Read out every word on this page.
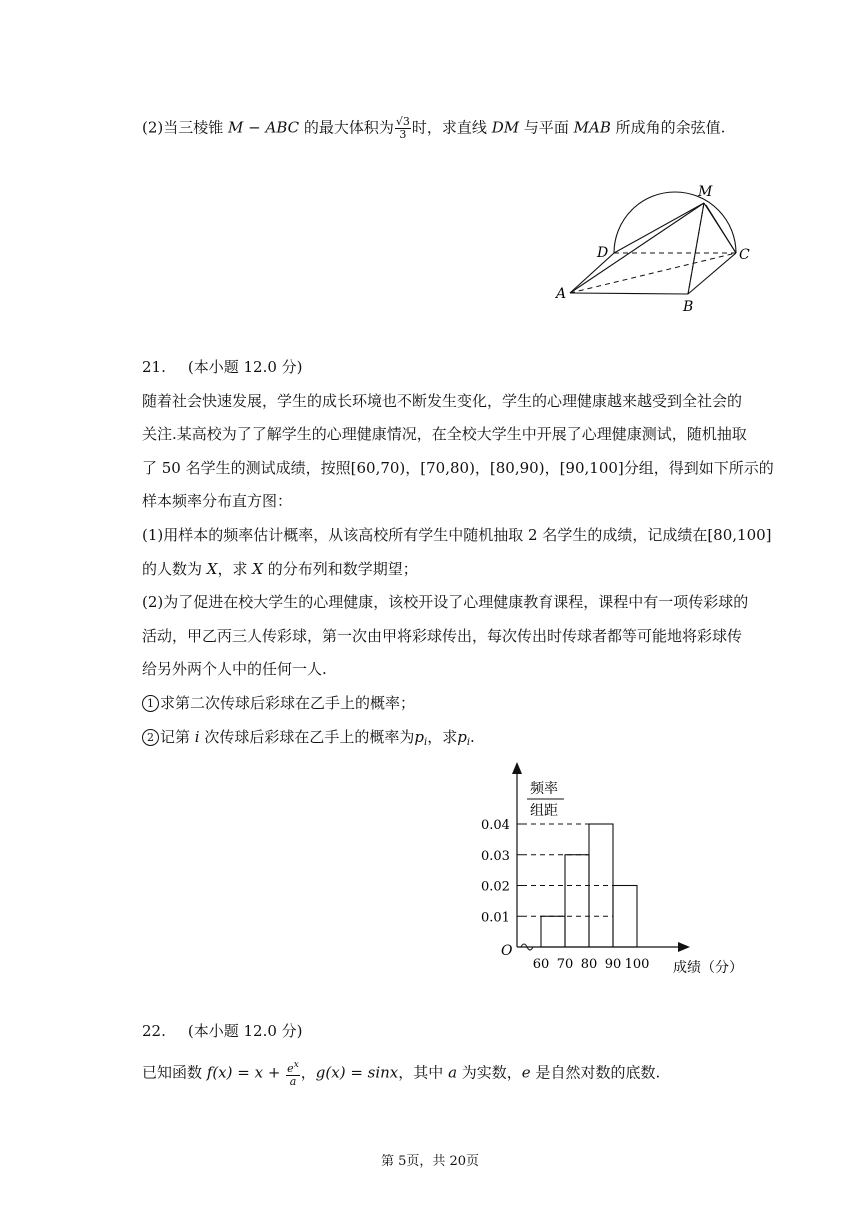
(2)当三棱锥 M − ABC 的最大体积为 $\frac{√3}{3}$ 时，求直线 DM 与平面 MAB 所成角的余弦值.
M
D	C
A
B
21. (本小题 12.0 分)
随着社会快速发展，学生的成长环境也不断发生变化，学生的心理健康越来越受到全社会的
关注.某高校为了了解学生的心理健康情况，在全校大学生中开展了心理健康测试，随机抽取
了 50 名学生的测试成绩，按照[60,70)，[70,80)，[80,90)，[90,100]分组，得到如下所示的
样本频率分布直方图：
(1)用样本的频率估计概率，从该高校所有学生中随机抽取 2 名学生的成绩，记成绩在[80,100]
的人数为 X，求 X 的分布列和数学期望；
(2)为了促进在校大学生的心理健康，该校开设了心理健康教育课程，课程中有一项传彩球的
活动，甲乙丙三人传彩球，第一次由甲将彩球传出，每次传出时传球者都等可能地将彩球传
给另外两个人中的任何一人.
1 求第二次传球后彩球在乙手上的概率；
2 记第 i 次传球后彩球在乙手上的概率为$p_i$，求$p_i$.
频率
组距
O
成绩（分）
0.01
0.02
0.03
0.04
60 70 80 90 100
22. (本小题 12.0 分)
已知函数 $f(x) = x + \frac{e^x}{a}$ ，g(x) = sinx，其中 a 为实数，e 是自然对数的底数.
第 5页，共 20页
